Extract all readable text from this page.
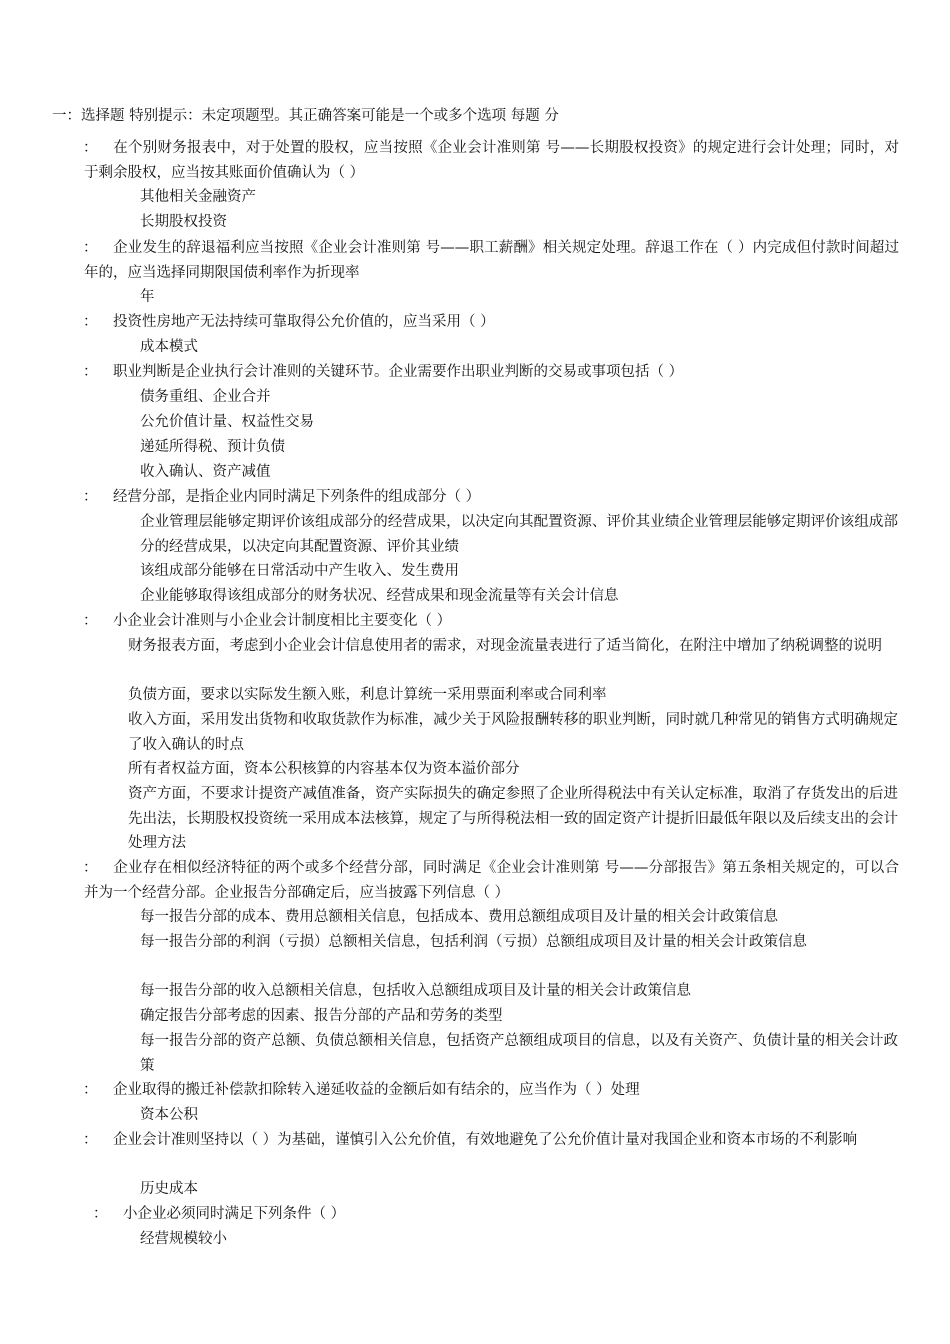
一：选择题 特别提示：未定项题型。其正确答案可能是一个或多个选项 每题 分
： 在个别财务报表中，对于处置的股权，应当按照《企业会计准则第 号——长期股权投资》的规定进行会计处理；同时，对于剩余股权，应当按其账面价值确认为（ ）
其他相关金融资产
长期股权投资
： 企业发生的辞退福利应当按照《企业会计准则第 号——职工薪酬》相关规定处理。辞退工作在（ ）内完成但付款时间超过 年的，应当选择同期限国债利率作为折现率
年
： 投资性房地产无法持续可靠取得公允价值的，应当采用（ ）
成本模式
： 职业判断是企业执行会计准则的关键环节。企业需要作出职业判断的交易或事项包括（ ）
债务重组、企业合并
公允价值计量、权益性交易
递延所得税、预计负债
收入确认、资产减值
： 经营分部，是指企业内同时满足下列条件的组成部分（ ）
企业管理层能够定期评价该组成部分的经营成果，以决定向其配置资源、评价其业绩企业管理层能够定期评价该组成部分的经营成果，以决定向其配置资源、评价其业绩
该组成部分能够在日常活动中产生收入、发生费用
企业能够取得该组成部分的财务状况、经营成果和现金流量等有关会计信息
： 小企业会计准则与小企业会计制度相比主要变化（ ）
财务报表方面，考虑到小企业会计信息使用者的需求，对现金流量表进行了适当简化，在附注中增加了纳税调整的说明
负债方面，要求以实际发生额入账，利息计算统一采用票面利率或合同利率
收入方面，采用发出货物和收取货款作为标准，减少关于风险报酬转移的职业判断，同时就几种常见的销售方式明确规定了收入确认的时点
所有者权益方面，资本公积核算的内容基本仅为资本溢价部分
资产方面，不要求计提资产减值准备，资产实际损失的确定参照了企业所得税法中有关认定标准，取消了存货发出的后进先出法，长期股权投资统一采用成本法核算，规定了与所得税法相一致的固定资产计提折旧最低年限以及后续支出的会计处理方法
： 企业存在相似经济特征的两个或多个经营分部，同时满足《企业会计准则第 号——分部报告》第五条相关规定的，可以合并为一个经营分部。企业报告分部确定后，应当披露下列信息（ ）
每一报告分部的成本、费用总额相关信息，包括成本、费用总额组成项目及计量的相关会计政策信息
每一报告分部的利润（亏损）总额相关信息，包括利润（亏损）总额组成项目及计量的相关会计政策信息
每一报告分部的收入总额相关信息，包括收入总额组成项目及计量的相关会计政策信息
确定报告分部考虑的因素、报告分部的产品和劳务的类型
每一报告分部的资产总额、负债总额相关信息，包括资产总额组成项目的信息，以及有关资产、负债计量的相关会计政策
： 企业取得的搬迁补偿款扣除转入递延收益的金额后如有结余的，应当作为（ ）处理
资本公积
： 企业会计准则坚持以（ ）为基础，谨慎引入公允价值，有效地避免了公允价值计量对我国企业和资本市场的不利影响
历史成本
： 小企业必须同时满足下列条件（ ）
经营规模较小
